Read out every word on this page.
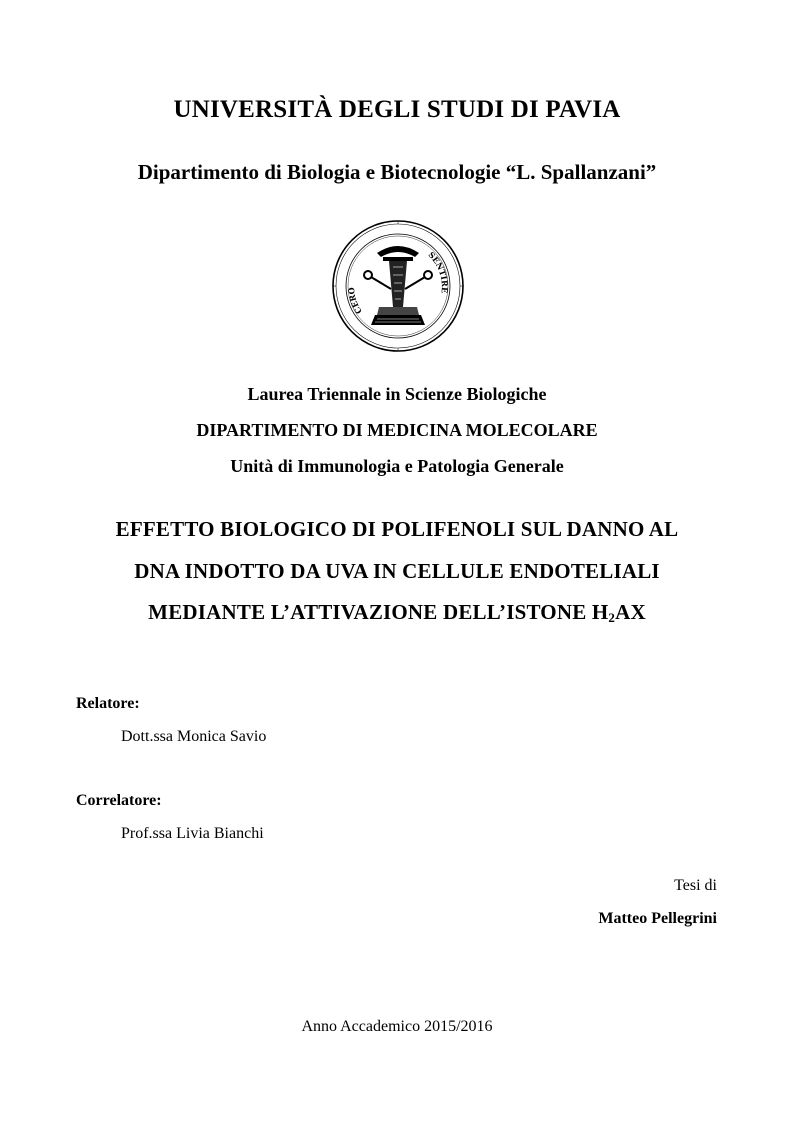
UNIVERSITÀ DEGLI STUDI DI PAVIA
Dipartimento di Biologia e Biotecnologie “L. Spallanzani”
CERO
SENTIRE
Laurea Triennale in Scienze Biologiche
DIPARTIMENTO DI MEDICINA MOLECOLARE
Unità di Immunologia e Patologia Generale
EFFETTO BIOLOGICO DI POLIFENOLI SUL DANNO AL
DNA INDOTTO DA UVA IN CELLULE ENDOTELIALI
MEDIANTE L’ATTIVAZIONE DELL’ISTONE $H_2AX$
Relatore:
Dott.ssa Monica Savio
Correlatore:
Prof.ssa Livia Bianchi
Tesi di
Matteo Pellegrini
Anno Accademico 2015/2016
